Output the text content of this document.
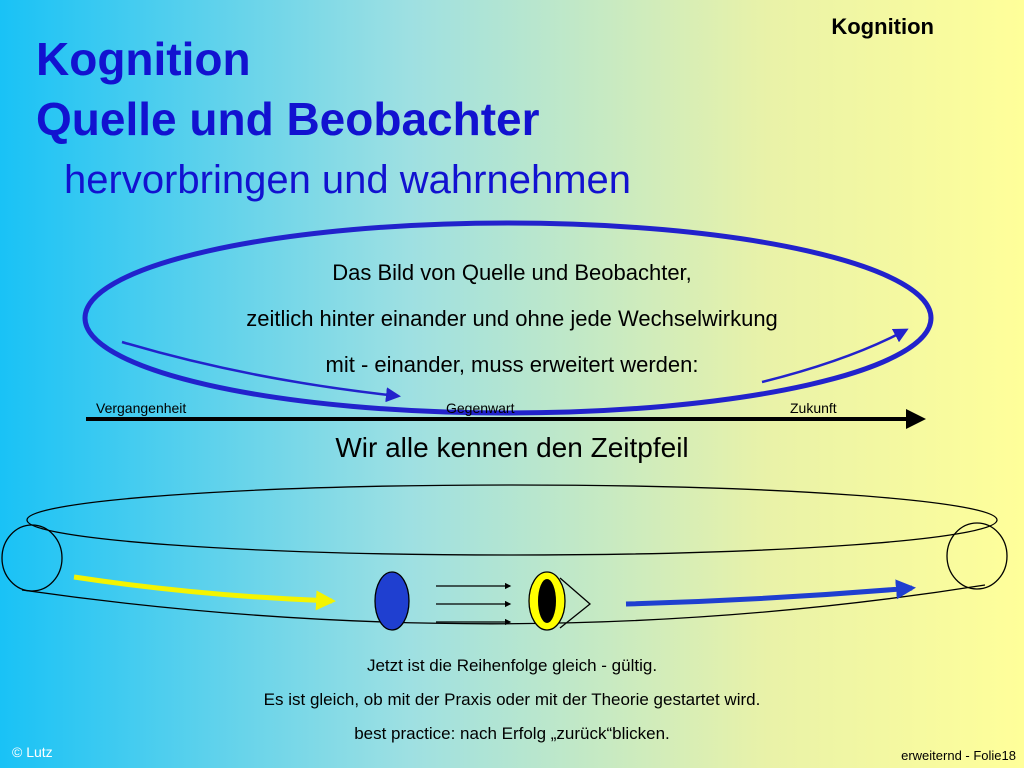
Kognition
Kognition
Quelle und Beobachter
hervorbringen und wahrnehmen
Das Bild von Quelle und Beobachter,
zeitlich hinter einander und ohne jede Wechselwirkung
mit - einander, muss erweitert werden:
Vergangenheit	Gegenwart	Zukunft
Wir alle kennen den Zeitpfeil
Jetzt ist die Reihenfolge gleich - gültig.
Es ist gleich, ob mit der Praxis oder mit der Theorie gestartet wird.
best practice: nach Erfolg „zurück“blicken.
© Lutz	erweiternd - Folie18
